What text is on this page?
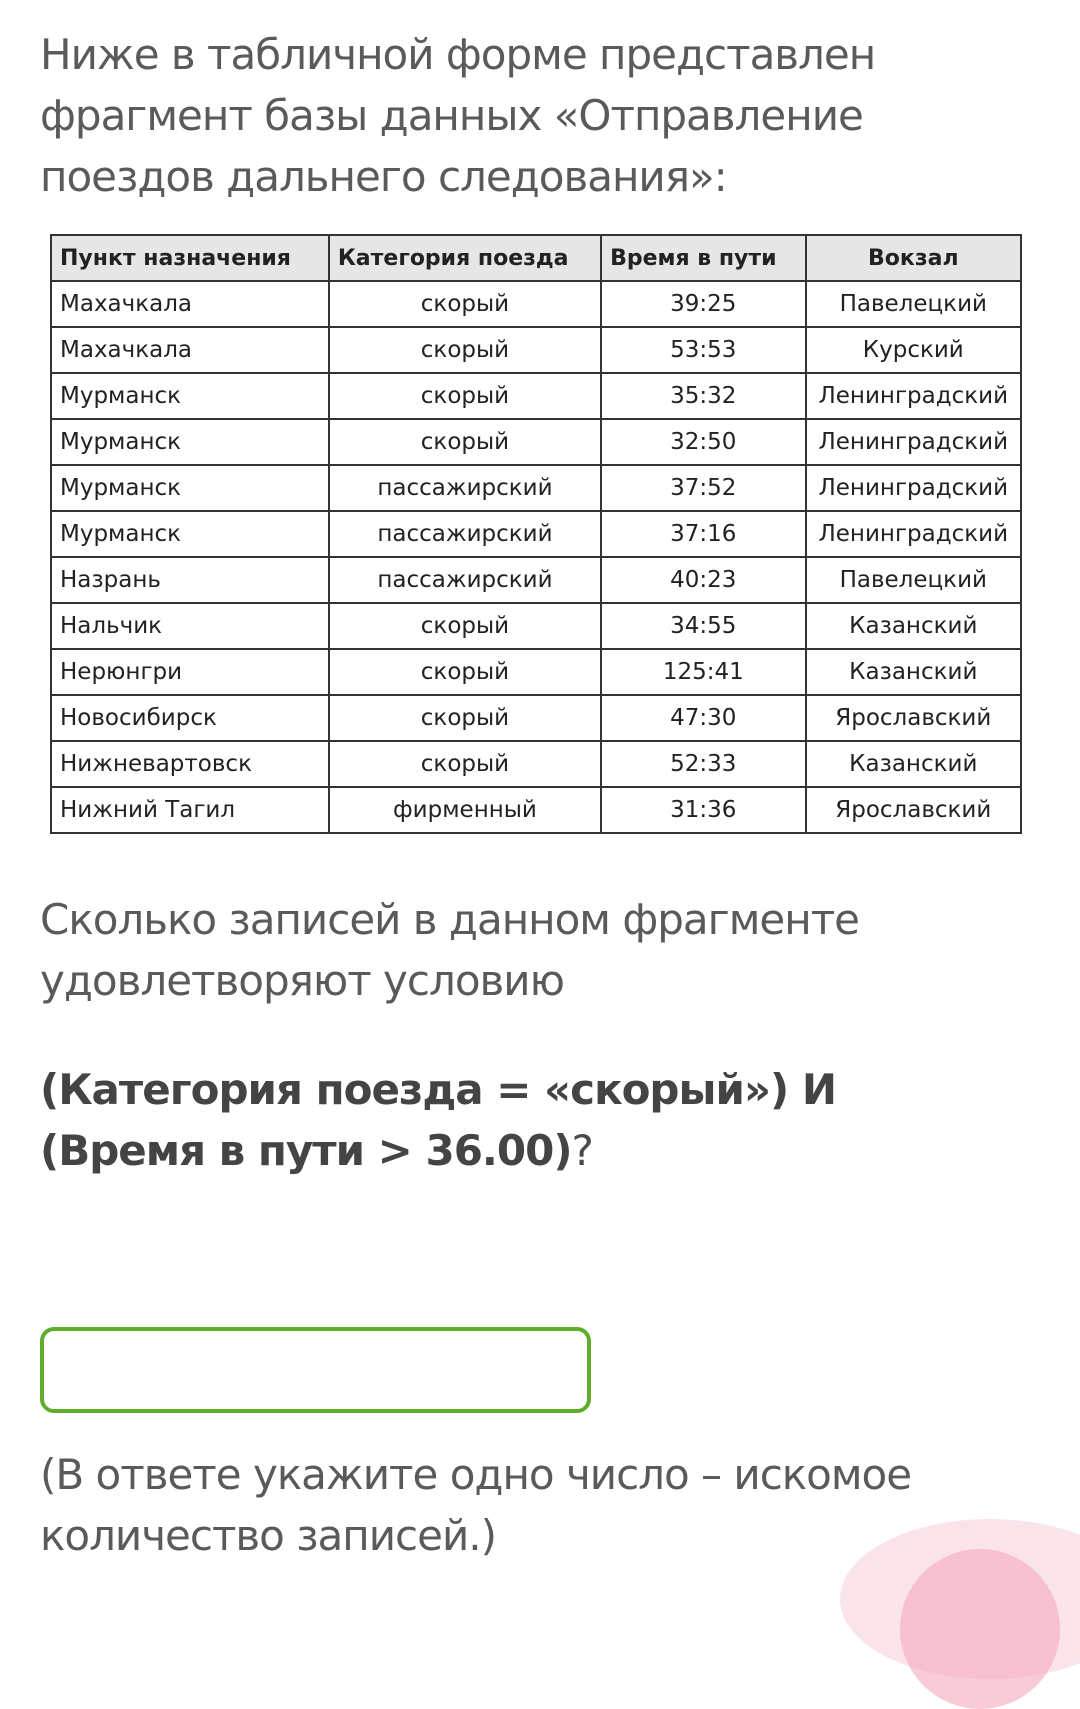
Ниже в табличной форме представлен фрагмент базы данных «Отправление поездов дальнего следования»:

Пункт назначения	Категория поезда	Время в пути	Вокзал
Махачкала	скорый	39:25	Павелецкий
Махачкала	скорый	53:53	Курский
Мурманск	скорый	35:32	Ленинградский
Мурманск	скорый	32:50	Ленинградский
Мурманск	пассажирский	37:52	Ленинградский
Мурманск	пассажирский	37:16	Ленинградский
Назрань	пассажирский	40:23	Павелецкий
Нальчик	скорый	34:55	Казанский
Нерюнгри	скорый	125:41	Казанский
Новосибирск	скорый	47:30	Ярославский
Нижневартовск	скорый	52:33	Казанский
Нижний Тагил	фирменный	31:36	Ярославский

Сколько записей в данном фрагменте удовлетворяют условию

(Категория поезда = «скорый») И (Время в пути > 36.00)?

(В ответе укажите одно число – искомое количество записей.)
